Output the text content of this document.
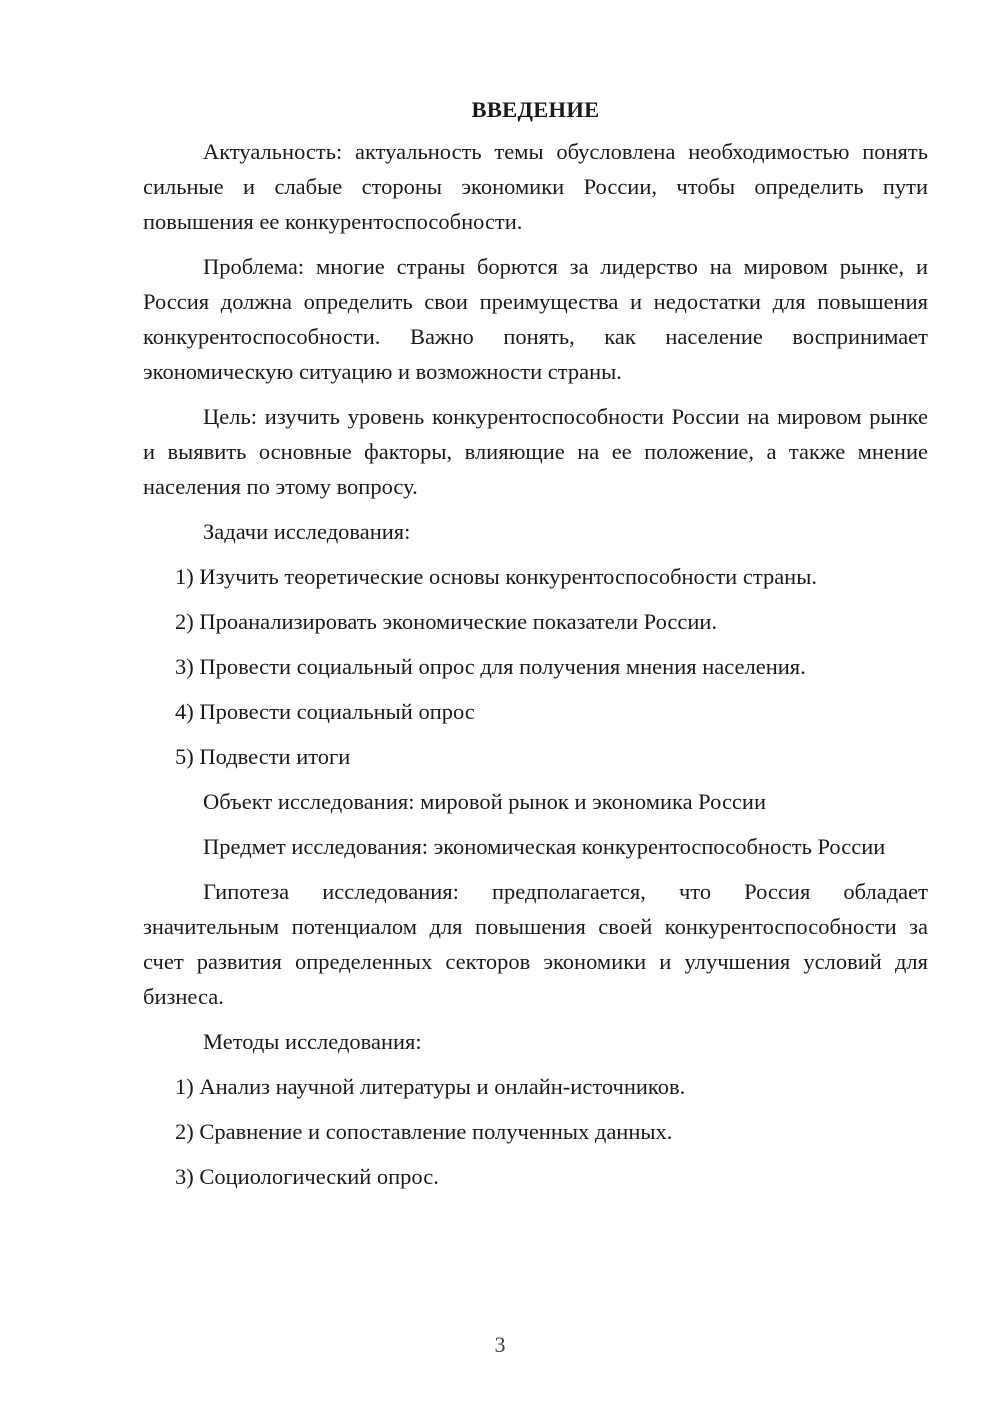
ВВЕДЕНИЕ

Актуальность: актуальность темы обусловлена необходимостью понять сильные и слабые стороны экономики России, чтобы определить пути повышения ее конкурентоспособности.

Проблема: многие страны борются за лидерство на мировом рынке, и Россия должна определить свои преимущества и недостатки для повышения конкурентоспособности. Важно понять, как население воспринимает экономическую ситуацию и возможности страны.

Цель: изучить уровень конкурентоспособности России на мировом рынке и выявить основные факторы, влияющие на ее положение, а также мнение населения по этому вопросу.

Задачи исследования:

1) Изучить теоретические основы конкурентоспособности страны.
2) Проанализировать экономические показатели России.
3) Провести социальный опрос для получения мнения населения.
4) Провести социальный опрос
5) Подвести итоги

Объект исследования: мировой рынок и экономика России

Предмет исследования: экономическая конкурентоспособность России

Гипотеза исследования: предполагается, что Россия обладает значительным потенциалом для повышения своей конкурентоспособности за счет развития определенных секторов экономики и улучшения условий для бизнеса.

Методы исследования:

1) Анализ научной литературы и онлайн-источников.
2) Сравнение и сопоставление полученных данных.
3) Социологический опрос.
3
